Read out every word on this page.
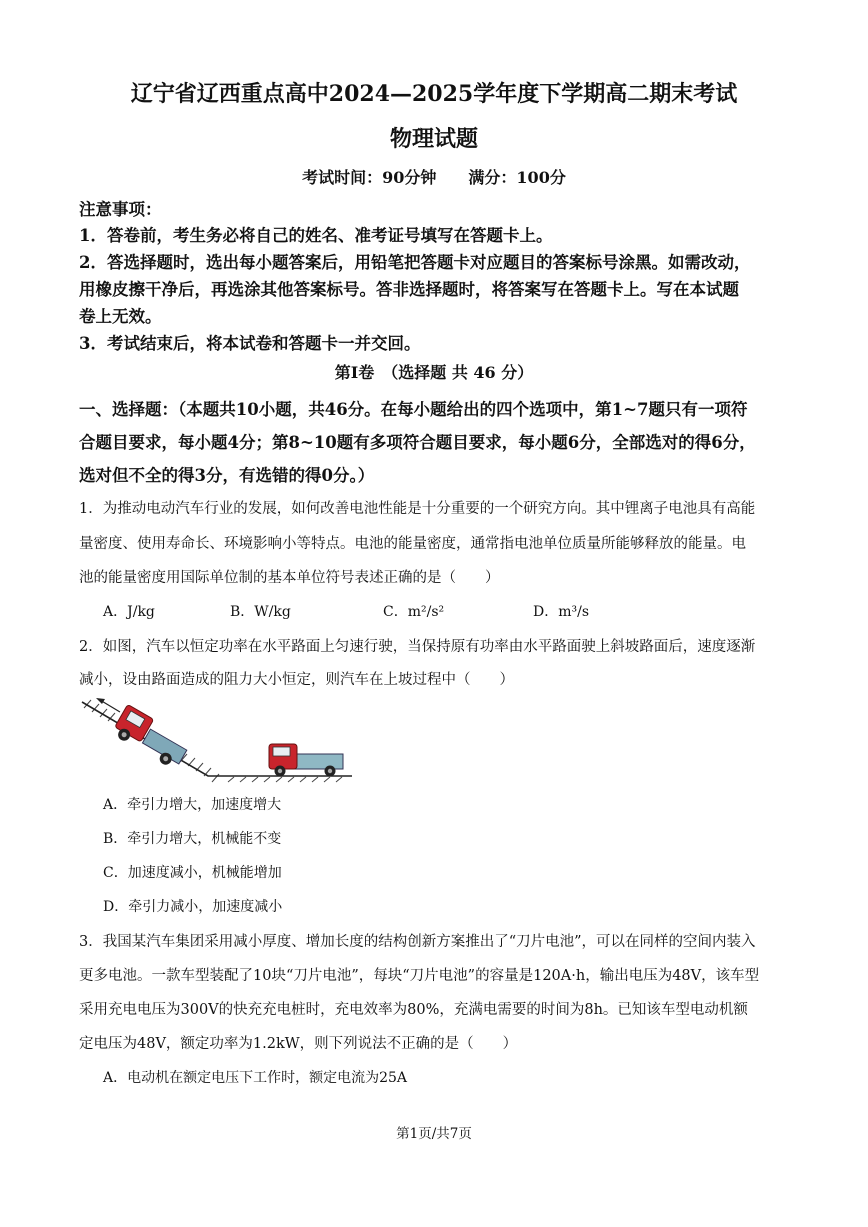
辽宁省辽西重点高中2024—2025学年度下学期高二期末考试
物理试题
考试时间：90分钟　　满分：100分
注意事项：
1．答卷前，考生务必将自己的姓名、准考证号填写在答题卡上。
2．答选择题时，选出每小题答案后，用铅笔把答题卡对应题目的答案标号涂黑。如需改动，
用橡皮擦干净后，再选涂其他答案标号。答非选择题时，将答案写在答题卡上。写在本试题
卷上无效。
3．考试结束后，将本试卷和答题卡一并交回。
第Ⅰ卷　（选择题 共 46 分）
一、选择题：（本题共10小题，共46分。在每小题给出的四个选项中，第1~7题只有一项符
合题目要求，每小题4分；第8~10题有多项符合题目要求，每小题6分，全部选对的得6分，
选对但不全的得3分，有选错的得0分。）
1．为推动电动汽车行业的发展，如何改善电池性能是十分重要的一个研究方向。其中锂离子电池具有高能
量密度、使用寿命长、环境影响小等特点。电池的能量密度，通常指电池单位质量所能够释放的能量。电
池的能量密度用国际单位制的基本单位符号表述正确的是（　　）
A．J/kg	B．W/kg	C．m²/s²	D．m³/s
2．如图，汽车以恒定功率在水平路面上匀速行驶，当保持原有功率由水平路面驶上斜坡路面后，速度逐渐
减小，设由路面造成的阻力大小恒定，则汽车在上坡过程中（　　）
A．牵引力增大，加速度增大
B．牵引力增大，机械能不变
C．加速度减小，机械能增加
D．牵引力减小，加速度减小
3．我国某汽车集团采用减小厚度、增加长度的结构创新方案推出了“刀片电池”，可以在同样的空间内装入
更多电池。一款车型装配了10块“刀片电池”，每块“刀片电池”的容量是120A·h，输出电压为48V，该车型
采用充电电压为300V的快充充电桩时，充电效率为80%，充满电需要的时间为8h。已知该车型电动机额
定电压为48V，额定功率为1.2kW，则下列说法不正确的是（　　）
A．电动机在额定电压下工作时，额定电流为25A
第1页/共7页
